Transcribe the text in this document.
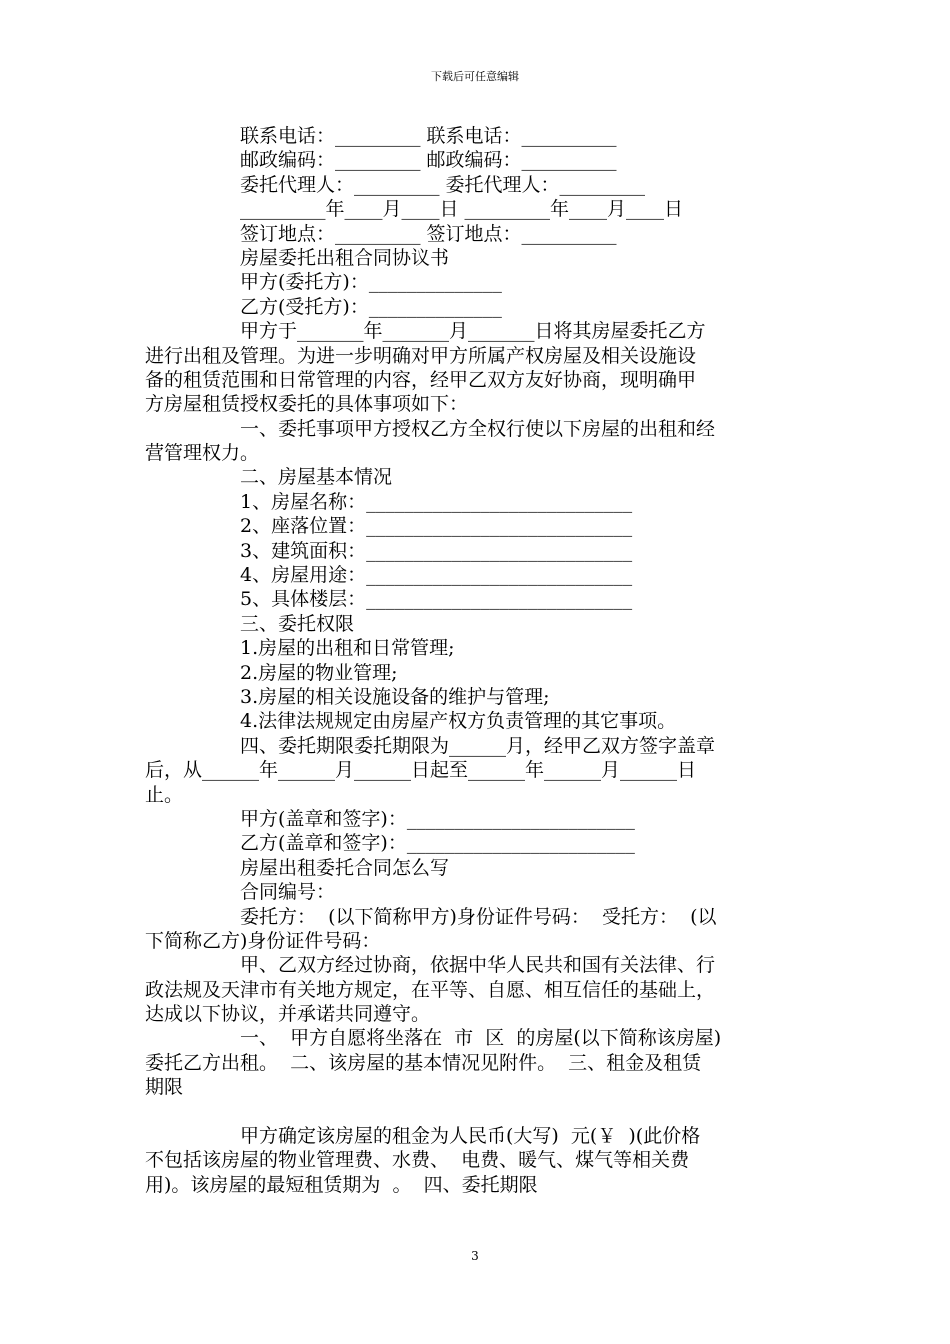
下载后可任意编辑
联系电话：_________ 联系电话：__________
邮政编码：_________ 邮政编码：__________
委托代理人：_________ 委托代理人：_________
_________年____月____日 _________年____月____日
签订地点：_________ 签订地点：__________
房屋委托出租合同协议书
甲方(委托方)：______________
乙方(受托方)：______________
甲方于_______年_______月_______日将其房屋委托乙方
进行出租及管理。为进一步明确对甲方所属产权房屋及相关设施设
备的租赁范围和日常管理的内容，经甲乙双方友好协商，现明确甲
方房屋租赁授权委托的具体事项如下：
一、委托事项甲方授权乙方全权行使以下房屋的出租和经
营管理权力。
二、房屋基本情况
1、房屋名称：____________________________
2、座落位置：____________________________
3、建筑面积：____________________________
4、房屋用途：____________________________
5、具体楼层：____________________________
三、委托权限
1.房屋的出租和日常管理;
2.房屋的物业管理;
3.房屋的相关设施设备的维护与管理;
4.法律法规规定由房屋产权方负责管理的其它事项。
四、委托期限委托期限为______月，经甲乙双方签字盖章
后，从______年______月______日起至______年______月______日
止。
甲方(盖章和签字)：________________________
乙方(盖章和签字)：________________________
房屋出租委托合同怎么写
合同编号：
委托方：  (以下简称甲方)身份证件号码：  受托方：  (以
下简称乙方)身份证件号码：
甲、乙双方经过协商，依据中华人民共和国有关法律、行
政法规及天津市有关地方规定，在平等、自愿、相互信任的基础上，
达成以下协议，并承诺共同遵守。
一、  甲方自愿将坐落在  市  区  的房屋(以下简称该房屋)
委托乙方出租。  二、该房屋的基本情况见附件。  三、租金及租赁
期限
甲方确定该房屋的租金为人民币(大写)  元(￥  )(此价格
不包括该房屋的物业管理费、水费、  电费、暖气、煤气等相关费
用)。该房屋的最短租赁期为  。  四、委托期限
3
